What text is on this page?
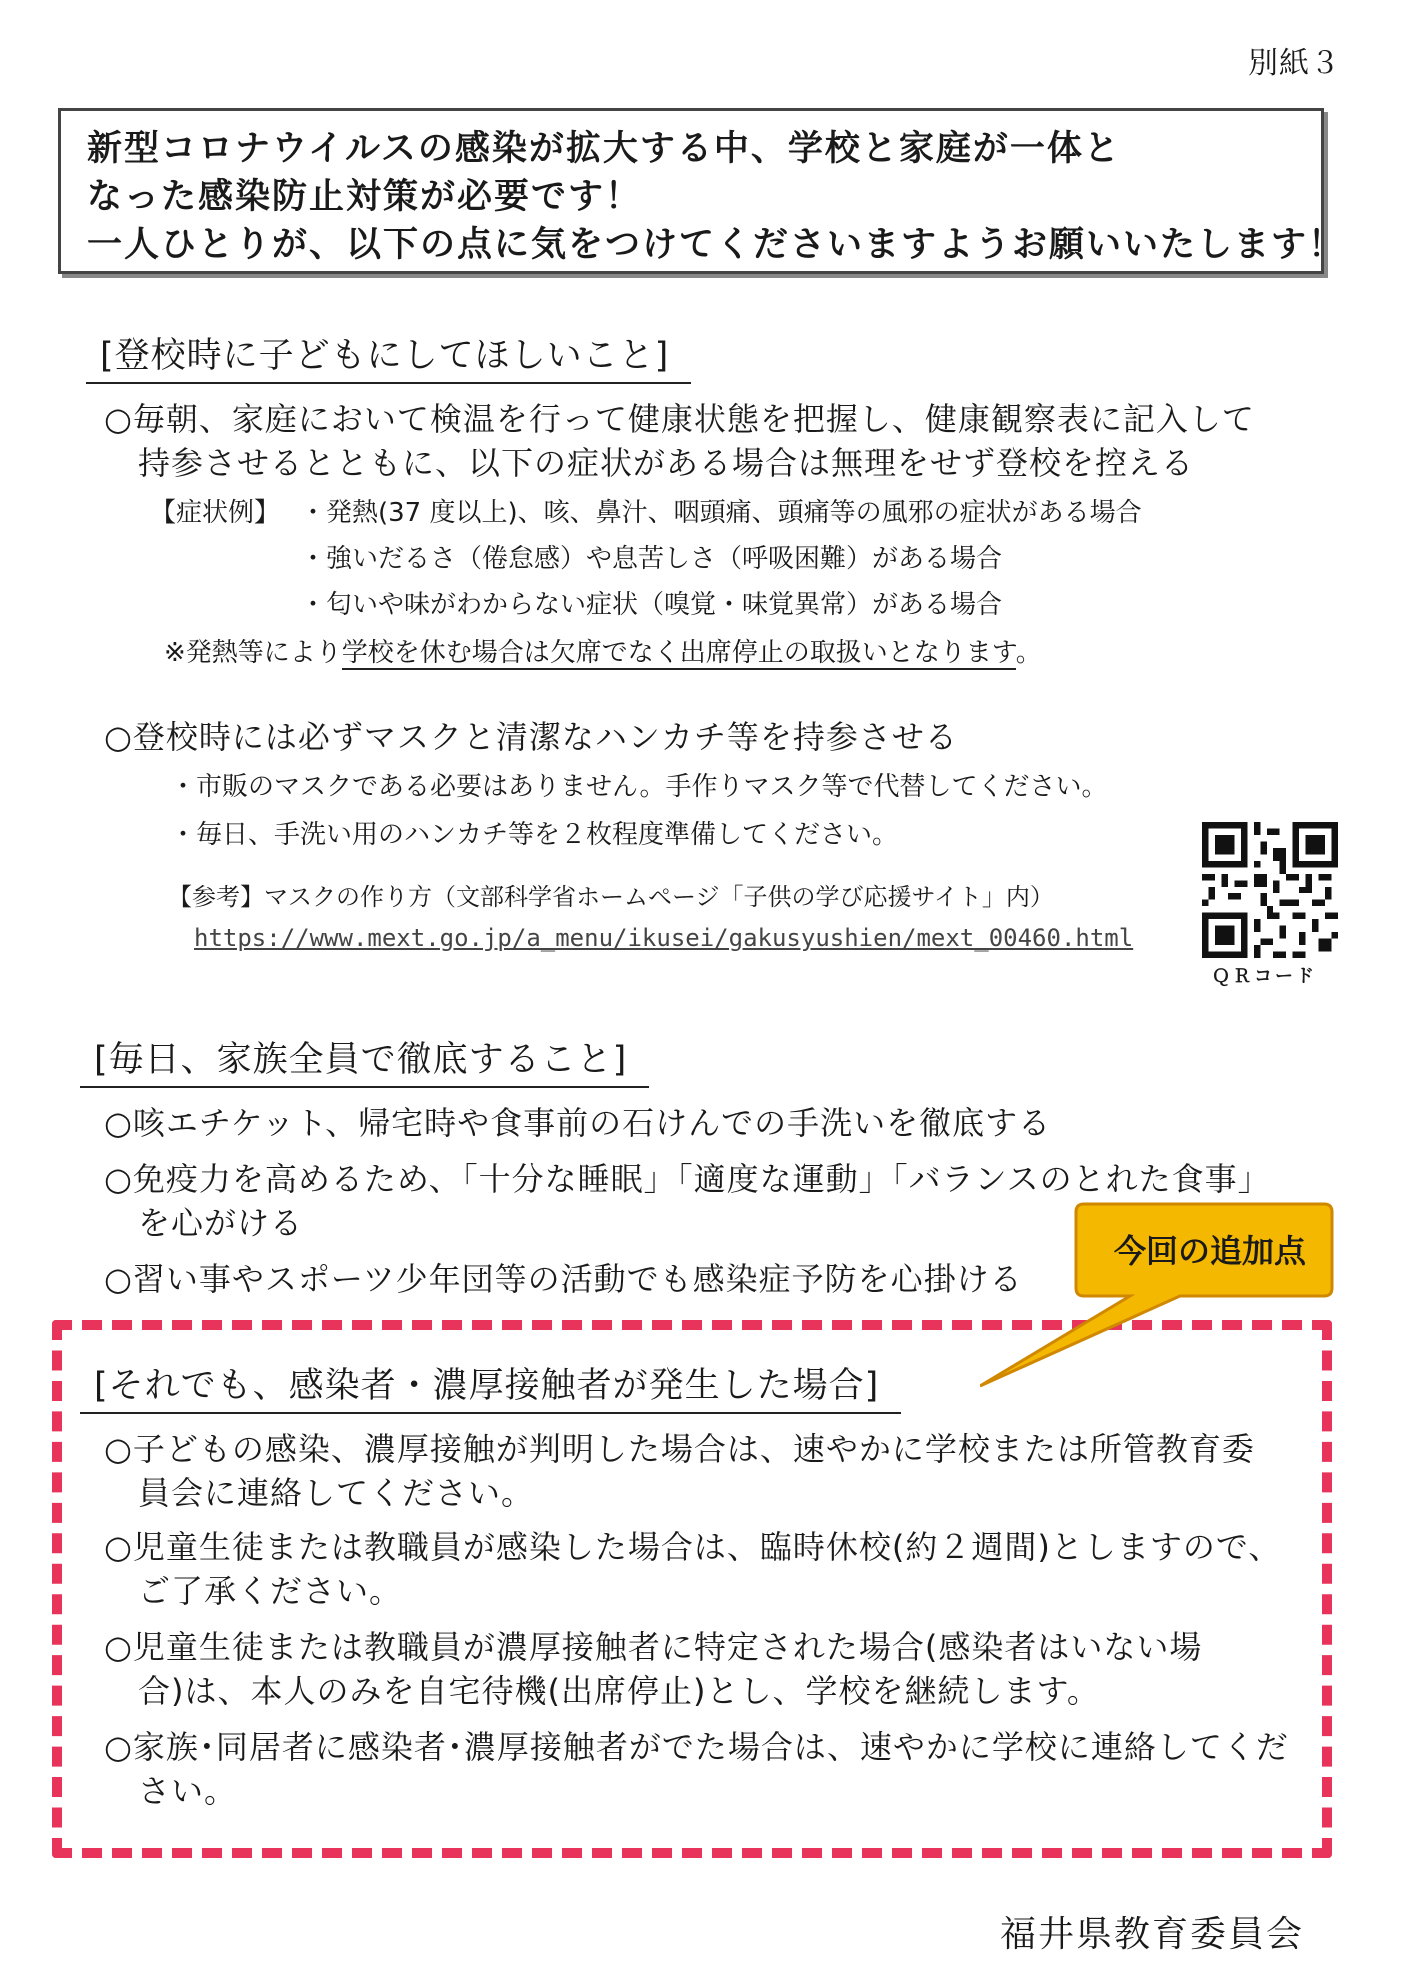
別紙３
新型コロナウイルスの感染が拡大する中、学校と家庭が一体と
なった感染防止対策が必要です！
一人ひとりが、以下の点に気をつけてくださいますようお願いいたします！
[登校時に子どもにしてほしいこと]
○毎朝、家庭において検温を行って健康状態を把握し、健康観察表に記入して
持参させるとともに、以下の症状がある場合は無理をせず登校を控える
【症状例】 ・発熱(37 度以上)、咳、鼻汁、咽頭痛、頭痛等の風邪の症状がある場合
・強いだるさ（倦怠感）や息苦しさ（呼吸困難）がある場合
・匂いや味がわからない症状（嗅覚・味覚異常）がある場合
※発熱等により学校を休む場合は欠席でなく出席停止の取扱いとなります。
○登校時には必ずマスクと清潔なハンカチ等を持参させる
・市販のマスクである必要はありません。手作りマスク等で代替してください。
・毎日、手洗い用のハンカチ等を２枚程度準備してください。
【参考】マスクの作り方（文部科学省ホームページ「子供の学び応援サイト」内）
https://www.mext.go.jp/a_menu/ikusei/gakusyushien/mext_00460.html
ＱＲコード
[毎日、家族全員で徹底すること]
○咳エチケット、帰宅時や食事前の石けんでの手洗いを徹底する
○免疫力を高めるため、「十分な睡眠」「適度な運動」「バランスのとれた食事」
を心がける
○習い事やスポーツ少年団等の活動でも感染症予防を心掛ける
今回の追加点
[それでも、感染者・濃厚接触者が発生した場合]
○子どもの感染、濃厚接触が判明した場合は、速やかに学校または所管教育委
員会に連絡してください。
○児童生徒または教職員が感染した場合は、臨時休校(約２週間)としますので、
ご了承ください。
○児童生徒または教職員が濃厚接触者に特定された場合(感染者はいない場
合)は、本人のみを自宅待機(出席停止)とし、学校を継続します。
○家族･同居者に感染者･濃厚接触者がでた場合は、速やかに学校に連絡してくだ
さい。
福井県教育委員会
